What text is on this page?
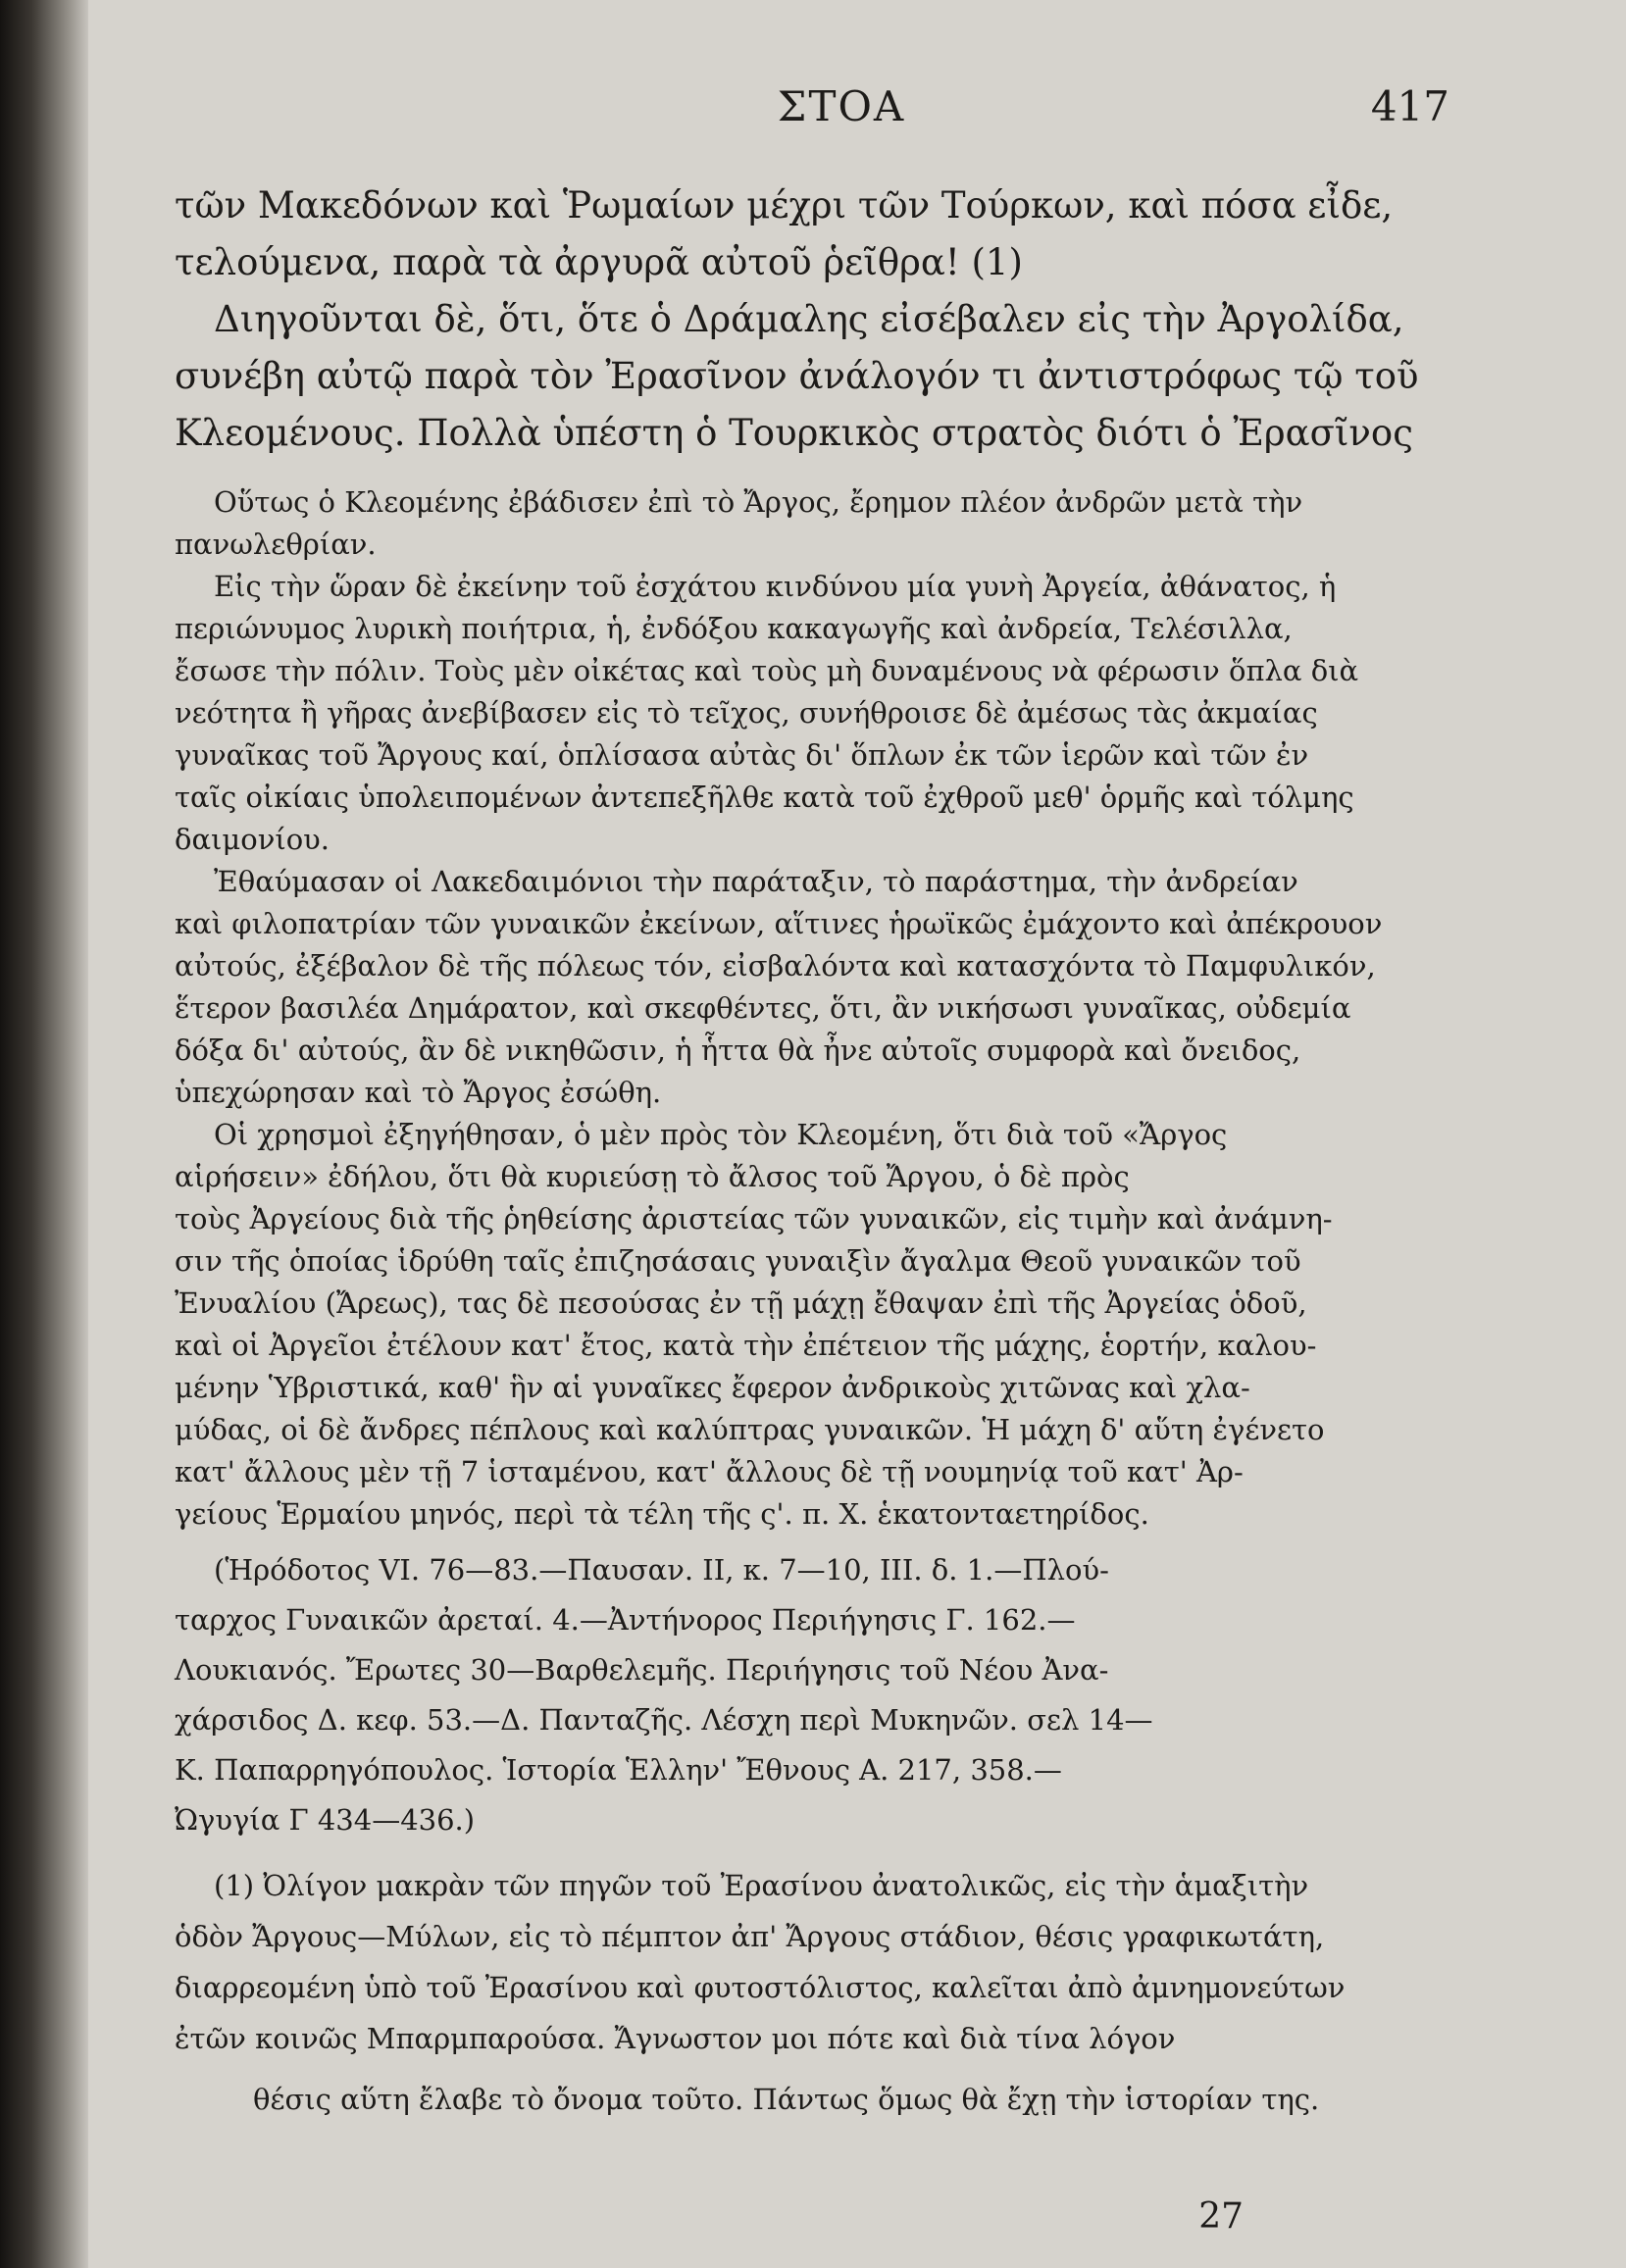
ΣΤΟΑ	417
τῶν Μακεδόνων καὶ Ῥωμαίων μέχρι τῶν Τούρκων, καὶ πόσα εἶδε,
τελούμενα, παρὰ τὰ ἀργυρᾶ αὐτοῦ ῥεῖθρα! (1)
Διηγοῦνται δὲ, ὅτι, ὅτε ὁ Δράμαλης εἰσέβαλεν εἰς τὴν Ἀργολίδα,
συνέβη αὐτῷ παρὰ τὸν Ἐρασῖνον ἀνάλογόν τι ἀντιστρόφως τῷ τοῦ
Κλεομένους. Πολλὰ ὑπέστη ὁ Τουρκικὸς στρατὸς διότι ὁ Ἐρασῖνος
Οὕτως ὁ Κλεομένης ἐβάδισεν ἐπὶ τὸ Ἄργος, ἔρημον πλέον ἀνδρῶν μετὰ τὴν
πανωλεθρίαν.
Εἰς τὴν ὥραν δὲ ἐκείνην τοῦ ἐσχάτου κινδύνου μία γυνὴ Ἀργεία, ἀθάνατος, ἡ
περιώνυμος λυρικὴ ποιήτρια, ἡ, ἐνδόξου κακαγωγῆς καὶ ἀνδρεία, Τελέσιλλα,
ἔσωσε τὴν πόλιν. Τοὺς μὲν οἰκέτας καὶ τοὺς μὴ δυναμένους νὰ φέρωσιν ὅπλα διὰ
νεότητα ἢ γῆρας ἀνεβίβασεν εἰς τὸ τεῖχος, συνήθροισε δὲ ἀμέσως τὰς ἀκμαίας
γυναῖκας τοῦ Ἄργους καί, ὁπλίσασα αὐτὰς δι' ὅπλων ἐκ τῶν ἱερῶν καὶ τῶν ἐν
ταῖς οἰκίαις ὑπολειπομένων ἀντεπεξῆλθε κατὰ τοῦ ἐχθροῦ μεθ' ὁρμῆς καὶ τόλμης
δαιμονίου.
Ἐθαύμασαν οἱ Λακεδαιμόνιοι τὴν παράταξιν, τὸ παράστημα, τὴν ἀνδρείαν
καὶ φιλοπατρίαν τῶν γυναικῶν ἐκείνων, αἵτινες ἡρωϊκῶς ἐμάχοντο καὶ ἀπέκρουον
αὐτούς, ἐξέβαλον δὲ τῆς πόλεως τόν, εἰσβαλόντα καὶ κατασχόντα τὸ Παμφυλικόν,
ἕτερον βασιλέα Δημάρατον, καὶ σκεφθέντες, ὅτι, ἂν νικήσωσι γυναῖκας, οὐδεμία
δόξα δι' αὐτούς, ἂν δὲ νικηθῶσιν, ἡ ἧττα θὰ ἦνε αὐτοῖς συμφορὰ καὶ ὄνειδος,
ὑπεχώρησαν καὶ τὸ Ἄργος ἐσώθη.
Οἱ χρησμοὶ ἐξηγήθησαν, ὁ μὲν πρὸς τὸν Κλεομένη, ὅτι διὰ τοῦ «Ἄργος
αἱρήσειν» ἐδήλου, ὅτι θὰ κυριεύσῃ τὸ ἄλσος τοῦ Ἄργου, ὁ δὲ πρὸς
τοὺς Ἀργείους διὰ τῆς ῥηθείσης ἀριστείας τῶν γυναικῶν, εἰς τιμὴν καὶ ἀνάμνη-
σιν τῆς ὁποίας ἱδρύθη ταῖς ἐπιζησάσαις γυναιξὶν ἄγαλμα Θεοῦ γυναικῶν τοῦ
Ἐνυαλίου (Ἄρεως), τας δὲ πεσούσας ἐν τῇ μάχῃ ἔθαψαν ἐπὶ τῆς Ἀργείας ὁδοῦ,
καὶ οἱ Ἀργεῖοι ἐτέλουν κατ' ἔτος, κατὰ τὴν ἐπέτειον τῆς μάχης, ἑορτήν, καλου-
μένην Ὑβριστικά, καθ' ἣν αἱ γυναῖκες ἔφερον ἀνδρικοὺς χιτῶνας καὶ χλα-
μύδας, οἱ δὲ ἄνδρες πέπλους καὶ καλύπτρας γυναικῶν. Ἡ μάχη δ' αὕτη ἐγένετο
κατ' ἄλλους μὲν τῇ 7 ἱσταμένου, κατ' ἄλλους δὲ τῇ νουμηνίᾳ τοῦ κατ' Ἀρ-
γείους Ἑρμαίου μηνός, περὶ τὰ τέλη τῆς ς'. π. Χ. ἑκατονταετηρίδος.
(Ἡρόδοτος VI. 76—83.—Παυσαν. II, κ. 7—10, III. δ. 1.—Πλού-
ταρχος Γυναικῶν ἀρεταί. 4.—Ἀντήνορος Περιήγησις Γ. 162.—
Λουκιανός. Ἔρωτες 30—Βαρθελεμῆς. Περιήγησις τοῦ Νέου Ἀνα-
χάρσιδος Δ. κεφ. 53.—Δ. Πανταζῆς. Λέσχη περὶ Μυκηνῶν. σελ 14—
Κ. Παπαρρηγόπουλος. Ἱστορία Ἑλλην' Ἔθνους Α. 217, 358.—
Ὠγυγία Γ 434—436.)
(1) Ὀλίγον μακρὰν τῶν πηγῶν τοῦ Ἐρασίνου ἀνατολικῶς, εἰς τὴν ἁμαξιτὴν
ὁδὸν Ἄργους—Μύλων, εἰς τὸ πέμπτον ἀπ' Ἄργους στάδιον, θέσις γραφικωτάτη,
διαρρεομένη ὑπὸ τοῦ Ἐρασίνου καὶ φυτοστόλιστος, καλεῖται ἀπὸ ἀμνημονεύτων
ἐτῶν κοινῶς Μπαρμπαρούσα. Ἄγνωστον μοι πότε καὶ διὰ τίνα λόγον
θέσις αὕτη ἔλαβε τὸ ὄνομα τοῦτο. Πάντως ὅμως θὰ ἔχῃ τὴν ἱστορίαν της.
27
